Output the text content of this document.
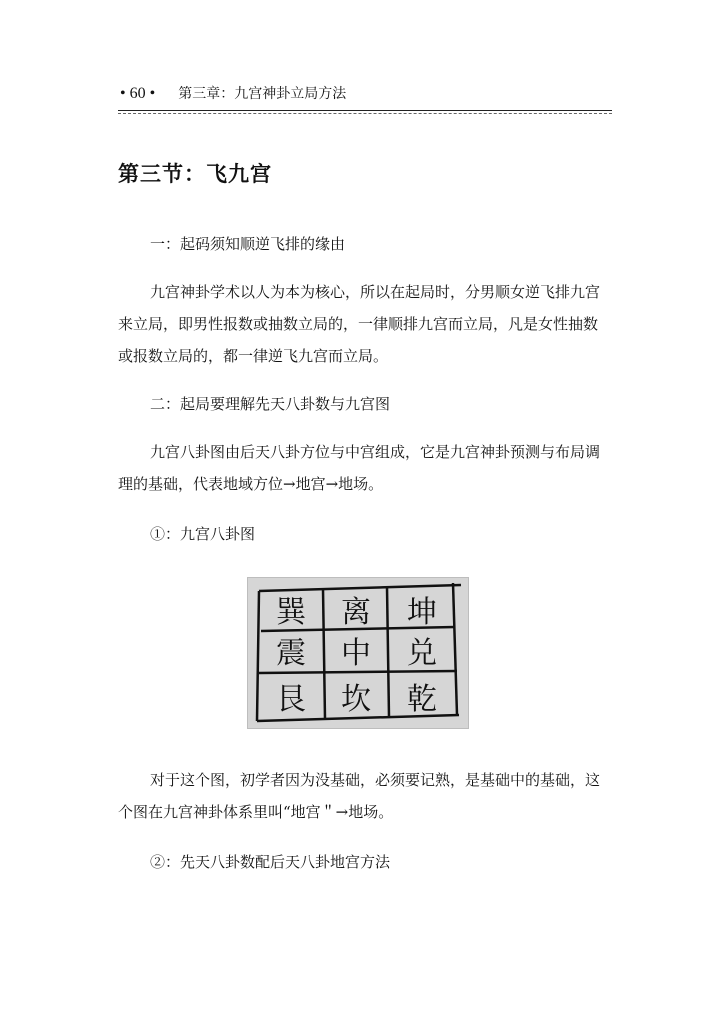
• 60 • 第三章：九宫神卦立局方法
第三节：飞九宫
一：起码须知顺逆飞排的缘由
九宫神卦学术以人为本为核心，所以在起局时，分男顺女逆飞排九宫来立局，即男性报数或抽数立局的，一律顺排九宫而立局，凡是女性抽数或报数立局的，都一律逆飞九宫而立局。
二：起局要理解先天八卦数与九宫图
九宫八卦图由后天八卦方位与中宫组成，它是九宫神卦预测与布局调理的基础，代表地域方位→地宫→地场。
①：九宫八卦图
巽 离 坤
震 中 兑
艮 坎 乾
对于这个图，初学者因为没基础，必须要记熟，是基础中的基础，这个图在九宫神卦体系里叫“地宫＂→地场。
②：先天八卦数配后天八卦地宫方法
